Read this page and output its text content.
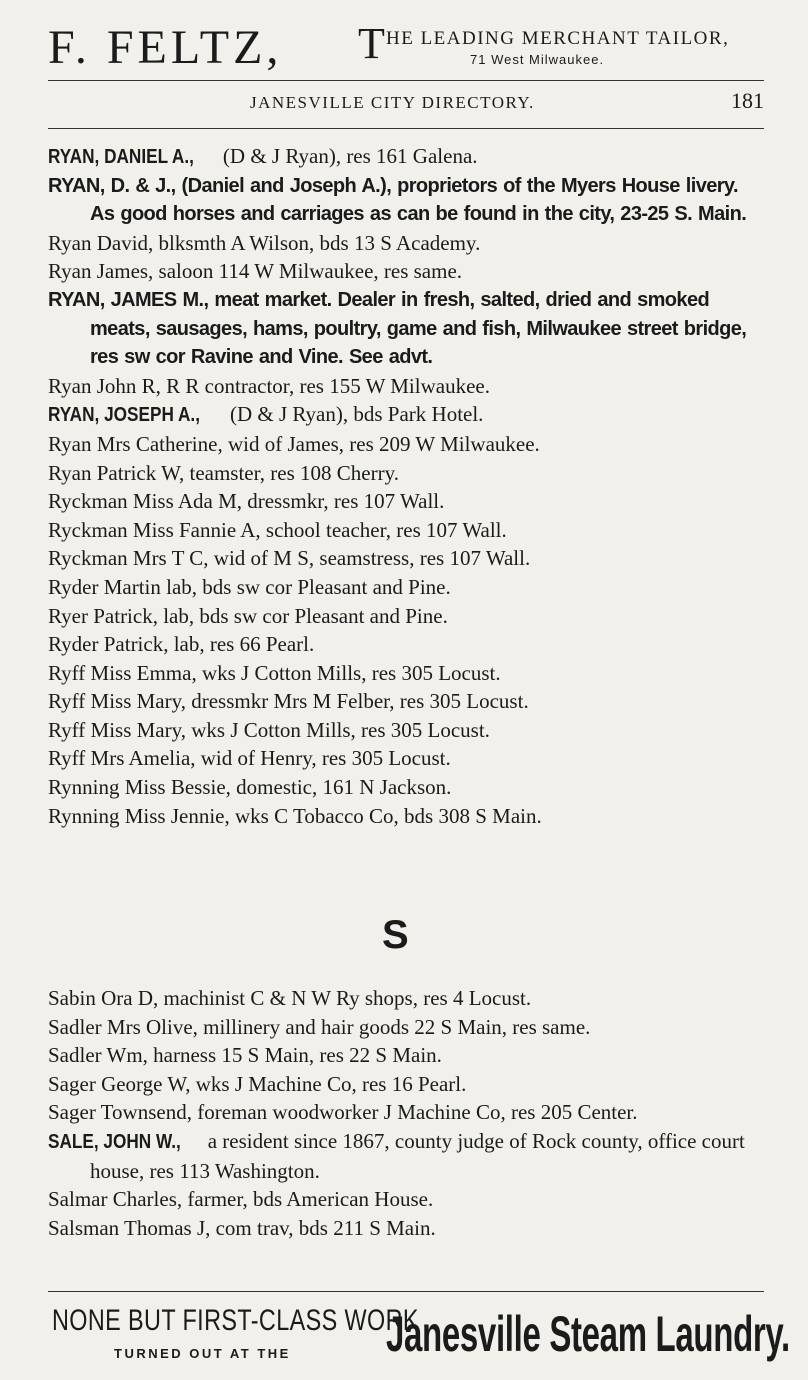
F. FELTZ, T HE LEADING MERCHANT TAILOR,
71 West Milwaukee.
JANESVILLE CITY DIRECTORY.	181
RYAN, DANIEL A., (D & J Ryan), res 161 Galena.
RYAN, D. & J., (Daniel and Joseph A.), proprietors of the Myers House livery. As good horses and carriages as can be found in the city, 23-25 S. Main.
Ryan David, blksmth A Wilson, bds 13 S Academy.
Ryan James, saloon 114 W Milwaukee, res same.
RYAN, JAMES M., meat market. Dealer in fresh, salted, dried and smoked meats, sausages, hams, poultry, game and fish, Milwaukee street bridge, res sw cor Ravine and Vine. See advt.
Ryan John R, R R contractor, res 155 W Milwaukee.
RYAN, JOSEPH A., (D & J Ryan), bds Park Hotel.
Ryan Mrs Catherine, wid of James, res 209 W Milwaukee.
Ryan Patrick W, teamster, res 108 Cherry.
Ryckman Miss Ada M, dressmkr, res 107 Wall.
Ryckman Miss Fannie A, school teacher, res 107 Wall.
Ryckman Mrs T C, wid of M S, seamstress, res 107 Wall.
Ryder Martin lab, bds sw cor Pleasant and Pine.
Ryer Patrick, lab, bds sw cor Pleasant and Pine.
Ryder Patrick, lab, res 66 Pearl.
Ryff Miss Emma, wks J Cotton Mills, res 305 Locust.
Ryff Miss Mary, dressmkr Mrs M Felber, res 305 Locust.
Ryff Miss Mary, wks J Cotton Mills, res 305 Locust.
Ryff Mrs Amelia, wid of Henry, res 305 Locust.
Rynning Miss Bessie, domestic, 161 N Jackson.
Rynning Miss Jennie, wks C Tobacco Co, bds 308 S Main.
S
Sabin Ora D, machinist C & N W Ry shops, res 4 Locust.
Sadler Mrs Olive, millinery and hair goods 22 S Main, res same.
Sadler Wm, harness 15 S Main, res 22 S Main.
Sager George W, wks J Machine Co, res 16 Pearl.
Sager Townsend, foreman woodworker J Machine Co, res 205 Center.
SALE, JOHN W., a resident since 1867, county judge of Rock county, office court house, res 113 Washington.
Salmar Charles, farmer, bds American House.
Salsman Thomas J, com trav, bds 211 S Main.
NONE BUT FIRST-CLASS WORK
TURNED OUT AT THE Janesville Steam Laundry.
